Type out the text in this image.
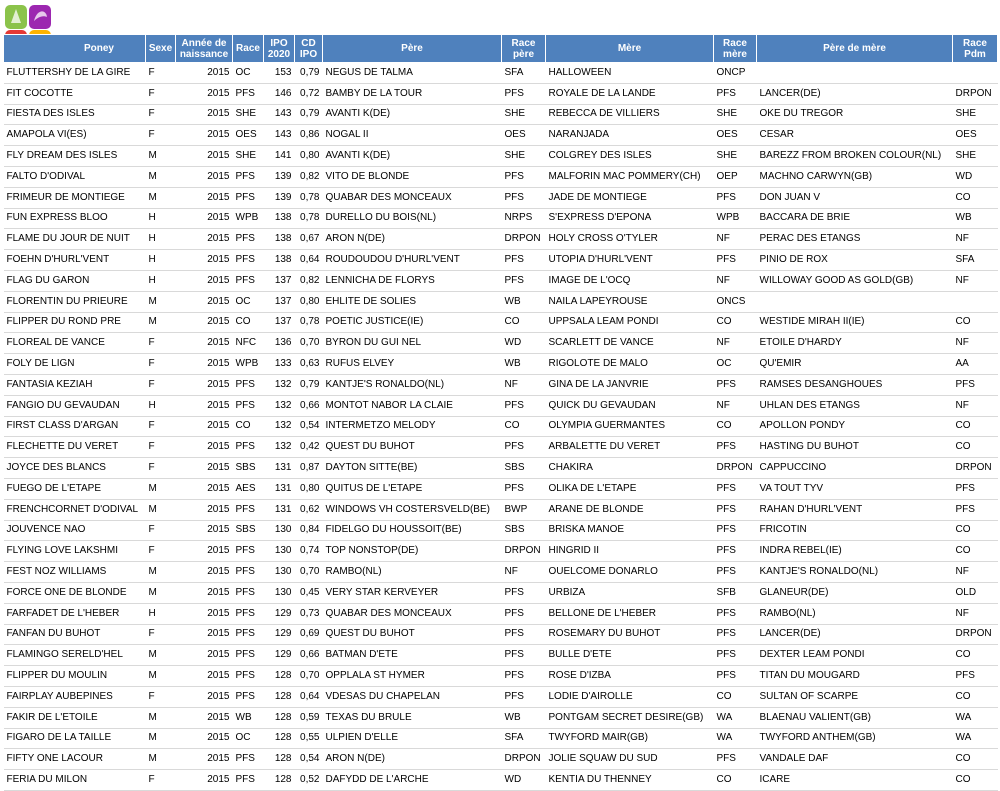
Poney	Sexe	Année de naissance	Race	IPO 2020	CD IPO	Père	Race père	Mère	Race mère	Père de mère	Race Pdm
FLUTTERSHY DE LA GIRE	F	2015	OC	153	0,79	NEGUS DE TALMA	SFA	HALLOWEEN	ONCP		
FIT COCOTTE	F	2015	PFS	146	0,72	BAMBY DE LA TOUR	PFS	ROYALE DE LA LANDE	PFS	LANCER(DE)	DRPON
FIESTA DES ISLES	F	2015	SHE	143	0,79	AVANTI K(DE)	SHE	REBECCA DE VILLIERS	SHE	OKE DU TREGOR	SHE
AMAPOLA VI(ES)	F	2015	OES	143	0,86	NOGAL II	OES	NARANJADA	OES	CESAR	OES
FLY DREAM DES ISLES	M	2015	SHE	141	0,80	AVANTI K(DE)	SHE	COLGREY DES ISLES	SHE	BAREZZ FROM BROKEN COLOUR(NL)	SHE
FALTO D'ODIVAL	M	2015	PFS	139	0,82	VITO DE BLONDE	PFS	MALFORIN MAC POMMERY(CH)	OEP	MACHNO CARWYN(GB)	WD
FRIMEUR DE MONTIEGE	M	2015	PFS	139	0,78	QUABAR DES MONCEAUX	PFS	JADE DE MONTIEGE	PFS	DON JUAN V	CO
FUN EXPRESS BLOO	H	2015	WPB	138	0,78	DURELLO DU BOIS(NL)	NRPS	S'EXPRESS D'EPONA	WPB	BACCARA DE BRIE	WB
FLAME DU JOUR DE NUIT	H	2015	PFS	138	0,67	ARON N(DE)	DRPON	HOLY CROSS O'TYLER	NF	PERAC DES ETANGS	NF
FOEHN D'HURL'VENT	H	2015	PFS	138	0,64	ROUDOUDOU D'HURL'VENT	PFS	UTOPIA D'HURL'VENT	PFS	PINIO DE ROX	SFA
FLAG DU GARON	H	2015	PFS	137	0,82	LENNICHA DE FLORYS	PFS	IMAGE DE L'OCQ	NF	WILLOWAY GOOD AS GOLD(GB)	NF
FLORENTIN DU PRIEURE	M	2015	OC	137	0,80	EHLITE DE SOLIES	WB	NAILA LAPEYROUSE	ONCS		
FLIPPER DU ROND PRE	M	2015	CO	137	0,78	POETIC JUSTICE(IE)	CO	UPPSALA LEAM PONDI	CO	WESTIDE MIRAH II(IE)	CO
FLOREAL DE VANCE	F	2015	NFC	136	0,70	BYRON DU GUI NEL	WD	SCARLETT DE VANCE	NF	ETOILE D'HARDY	NF
FOLY DE LIGN	F	2015	WPB	133	0,63	RUFUS ELVEY	WB	RIGOLOTE DE MALO	OC	QU'EMIR	AA
FANTASIA KEZIAH	F	2015	PFS	132	0,79	KANTJE'S RONALDO(NL)	NF	GINA DE LA JANVRIE	PFS	RAMSES DESANGHOUES	PFS
FANGIO DU GEVAUDAN	H	2015	PFS	132	0,66	MONTOT NABOR LA CLAIE	PFS	QUICK DU GEVAUDAN	NF	UHLAN DES ETANGS	NF
FIRST CLASS D'ARGAN	F	2015	CO	132	0,54	INTERMETZO MELODY	CO	OLYMPIA GUERMANTES	CO	APOLLON PONDY	CO
FLECHETTE DU VERET	F	2015	PFS	132	0,42	QUEST DU BUHOT	PFS	ARBALETTE DU VERET	PFS	HASTING DU BUHOT	CO
JOYCE DES BLANCS	F	2015	SBS	131	0,87	DAYTON SITTE(BE)	SBS	CHAKIRA	DRPON	CAPPUCCINO	DRPON
FUEGO DE L'ETAPE	M	2015	AES	131	0,80	QUITUS DE L'ETAPE	PFS	OLIKA DE L'ETAPE	PFS	VA TOUT TYV	PFS
FRENCHCORNET D'ODIVAL	M	2015	PFS	131	0,62	WINDOWS VH COSTERSVELD(BE)	BWP	ARANE DE BLONDE	PFS	RAHAN D'HURL'VENT	PFS
JOUVENCE NAO	F	2015	SBS	130	0,84	FIDELGO DU HOUSSOIT(BE)	SBS	BRISKA MANOE	PFS	FRICOTIN	CO
FLYING LOVE LAKSHMI	F	2015	PFS	130	0,74	TOP NONSTOP(DE)	DRPON	HINGRID II	PFS	INDRA REBEL(IE)	CO
FEST NOZ WILLIAMS	M	2015	PFS	130	0,70	RAMBO(NL)	NF	OUELCOME DONARLO	PFS	KANTJE'S RONALDO(NL)	NF
FORCE ONE DE BLONDE	M	2015	PFS	130	0,45	VERY STAR KERVEYER	PFS	URBIZA	SFB	GLANEUR(DE)	OLD
FARFADET DE L'HEBER	H	2015	PFS	129	0,73	QUABAR DES MONCEAUX	PFS	BELLONE DE L'HEBER	PFS	RAMBO(NL)	NF
FANFAN DU BUHOT	F	2015	PFS	129	0,69	QUEST DU BUHOT	PFS	ROSEMARY DU BUHOT	PFS	LANCER(DE)	DRPON
FLAMINGO SERELD'HEL	M	2015	PFS	129	0,66	BATMAN D'ETE	PFS	BULLE D'ETE	PFS	DEXTER LEAM PONDI	CO
FLIPPER DU MOULIN	M	2015	PFS	128	0,70	OPPLALA ST HYMER	PFS	ROSE D'IZBA	PFS	TITAN DU MOUGARD	PFS
FAIRPLAY AUBEPINES	F	2015	PFS	128	0,64	VDESAS DU CHAPELAN	PFS	LODIE D'AIROLLE	CO	SULTAN OF SCARPE	CO
FAKIR DE L'ETOILE	M	2015	WB	128	0,59	TEXAS DU BRULE	WB	PONTGAM SECRET DESIRE(GB)	WA	BLAENAU VALIENT(GB)	WA
FIGARO DE LA TAILLE	M	2015	OC	128	0,55	ULPIEN D'ELLE	SFA	TWYFORD MAIR(GB)	WA	TWYFORD ANTHEM(GB)	WA
FIFTY ONE LACOUR	M	2015	PFS	128	0,54	ARON N(DE)	DRPON	JOLIE SQUAW DU SUD	PFS	VANDALE DAF	CO
FERIA DU MILON	F	2015	PFS	128	0,52	DAFYDD DE L'ARCHE	WD	KENTIA DU THENNEY	CO	ICARE	CO
